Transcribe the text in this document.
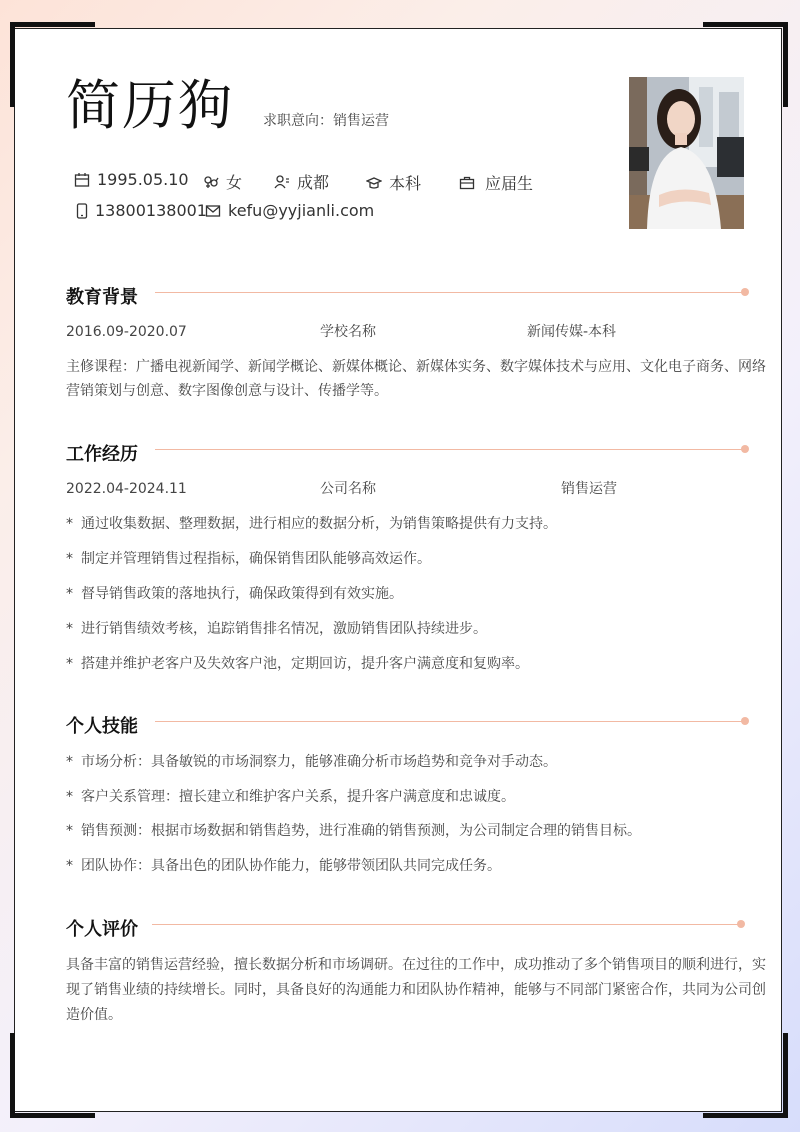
简历狗 求职意向：销售运营
1995.05.10 女	成都	本科	应届生
13800138001 kefu@yyjianli.com
教育背景
2016.09-2020.07	学校名称	新闻传媒-本科
主修课程：广播电视新闻学、新闻学概论、新媒体概论、新媒体实务、数字媒体技术与应用、文化电子商务、网络营销策划与创意、数字图像创意与设计、传播学等。
工作经历
2022.04-2024.11	公司名称	销售运营
* 通过收集数据、整理数据，进行相应的数据分析，为销售策略提供有力支持。
* 制定并管理销售过程指标，确保销售团队能够高效运作。
* 督导销售政策的落地执行，确保政策得到有效实施。
* 进行销售绩效考核，追踪销售排名情况，激励销售团队持续进步。
* 搭建并维护老客户及失效客户池，定期回访，提升客户满意度和复购率。
个人技能
* 市场分析：具备敏锐的市场洞察力，能够准确分析市场趋势和竞争对手动态。
* 客户关系管理：擅长建立和维护客户关系，提升客户满意度和忠诚度。
* 销售预测：根据市场数据和销售趋势，进行准确的销售预测，为公司制定合理的销售目标。
* 团队协作：具备出色的团队协作能力，能够带领团队共同完成任务。
个人评价
具备丰富的销售运营经验，擅长数据分析和市场调研。在过往的工作中，成功推动了多个销售项目的顺利进行，实现了销售业绩的持续增长。同时，具备良好的沟通能力和团队协作精神，能够与不同部门紧密合作，共同为公司创造价值。
